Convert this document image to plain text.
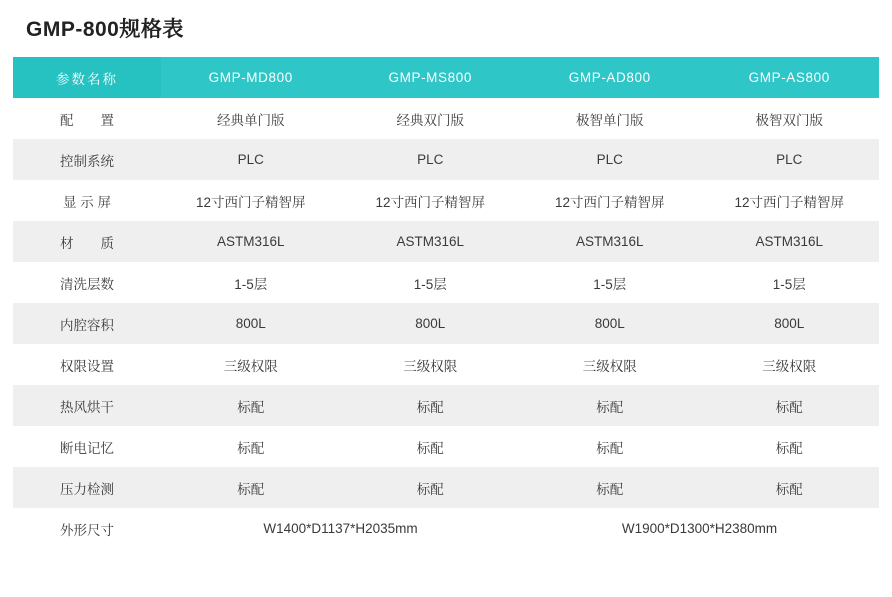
GMP-800规格表
参数名称	GMP-MD800	GMP-MS800	GMP-AD800	GMP-AS800
配　　置	经典单门版	经典双门版	极智单门版	极智双门版
控制系统	PLC	PLC	PLC	PLC
显 示 屏	12寸西门子精智屏	12寸西门子精智屏	12寸西门子精智屏	12寸西门子精智屏
材　　质	ASTM316L	ASTM316L	ASTM316L	ASTM316L
清洗层数	1-5层	1-5层	1-5层	1-5层
内腔容积	800L	800L	800L	800L
权限设置	三级权限	三级权限	三级权限	三级权限
热风烘干	标配	标配	标配	标配
断电记忆	标配	标配	标配	标配
压力检测	标配	标配	标配	标配
外形尺寸	W1400*D1137*H2035mm		W1900*D1300*H2380mm	
